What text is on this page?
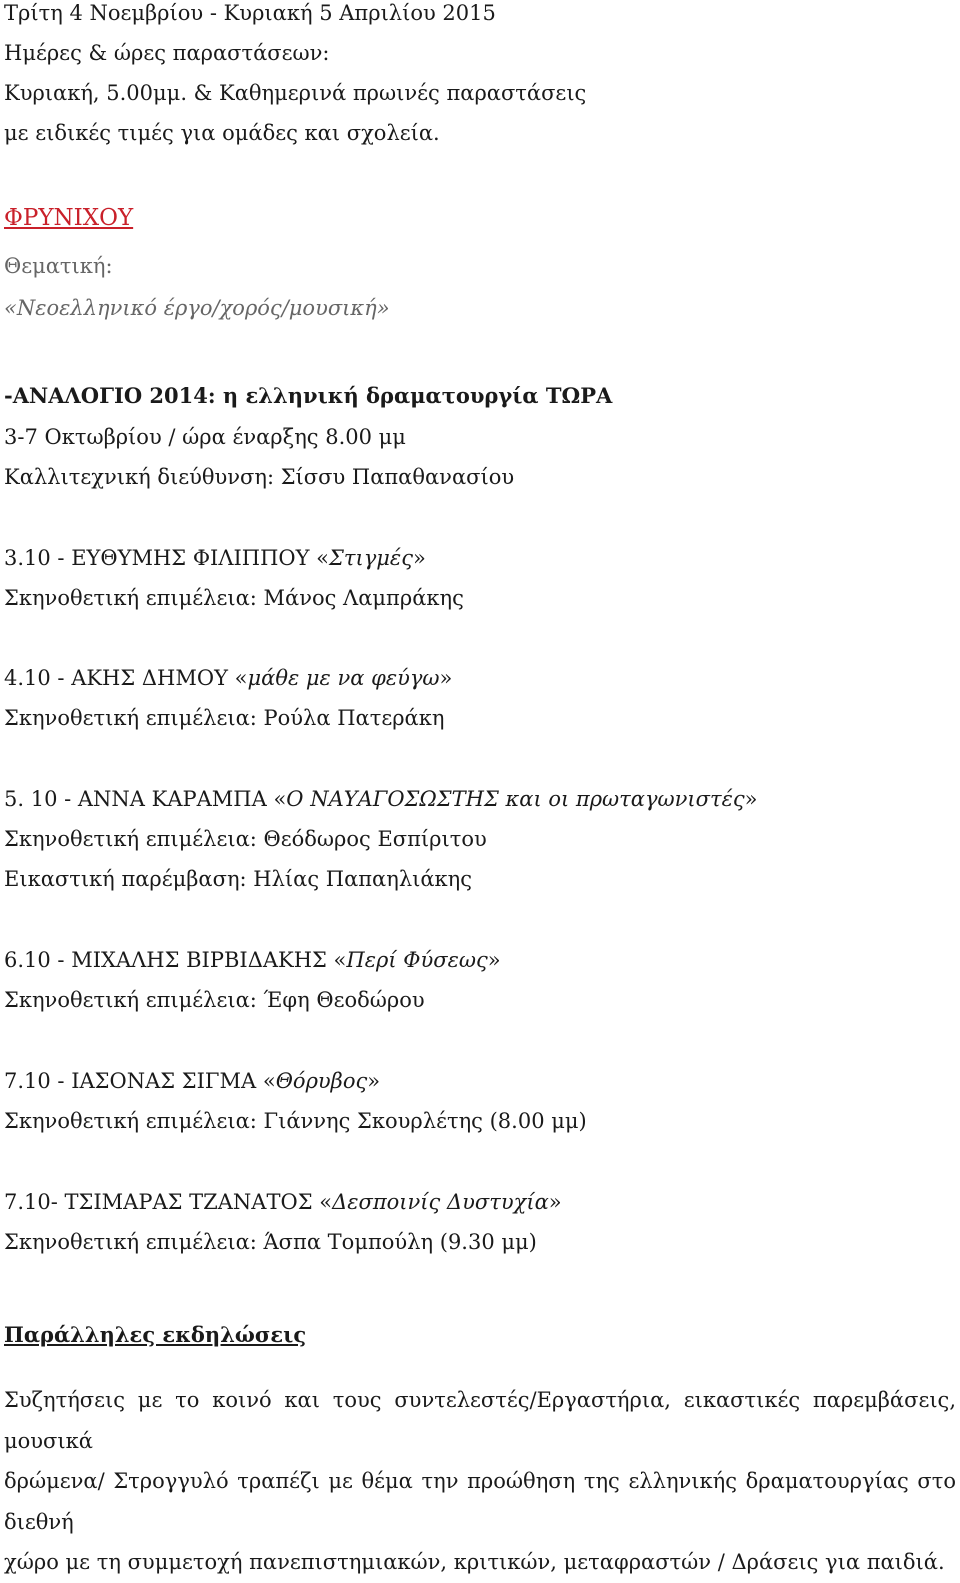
Τρίτη 4 Νοεμβρίου - Κυριακή 5 Απριλίου 2015
Ημέρες & ώρες παραστάσεων:
Κυριακή, 5.00μμ. & Καθημερινά πρωινές παραστάσεις
με ειδικές τιμές για ομάδες και σχολεία.
ΦΡΥΝΙΧΟΥ
Θεματική:
«Νεοελληνικό έργο/χορός/μουσική»
-ΑΝΑΛΟΓΙΟ 2014: η ελληνική δραματουργία ΤΩΡΑ
3-7 Οκτωβρίου / ώρα έναρξης 8.00 μμ
Καλλιτεχνική διεύθυνση: Σίσσυ Παπαθανασίου
3.10 - ΕΥΘΥΜΗΣ ΦΙΛΙΠΠΟΥ «Στιγμές»
Σκηνοθετική επιμέλεια: Μάνος Λαμπράκης
4.10 - ΑΚΗΣ ΔΗΜΟΥ «μάθε με να φεύγω»
Σκηνοθετική επιμέλεια: Ρούλα Πατεράκη
5. 10 - ΑΝΝΑ ΚΑΡΑΜΠΑ «Ο ΝΑΥΑΓΟΣΩΣΤΗΣ και οι πρωταγωνιστές»
Σκηνοθετική επιμέλεια: Θεόδωρος Εσπίριτου
Εικαστική παρέμβαση: Ηλίας Παπαηλιάκης
6.10 - ΜΙΧΑΛΗΣ ΒΙΡΒΙΔΑΚΗΣ «Περί Φύσεως»
Σκηνοθετική επιμέλεια: Έφη Θεοδώρου
7.10 - ΙΑΣΟΝΑΣ ΣΙΓΜΑ «Θόρυβος»
Σκηνοθετική επιμέλεια: Γιάννης Σκουρλέτης (8.00 μμ)
7.10- ΤΣΙΜΑΡΑΣ ΤΖΑΝΑΤΟΣ «Δεσποινίς Δυστυχία»
Σκηνοθετική επιμέλεια: Άσπα Τομπούλη (9.30 μμ)
Παράλληλες εκδηλώσεις
Συζητήσεις με το κοινό και τους συντελεστές/Εργαστήρια, εικαστικές παρεμβάσεις, μουσικά
δρώμενα/ Στρογγυλό τραπέζι με θέμα την προώθηση της ελληνικής δραματουργίας στο διεθνή
χώρο με τη συμμετοχή πανεπιστημιακών, κριτικών, μεταφραστών / Δράσεις για παιδιά.
